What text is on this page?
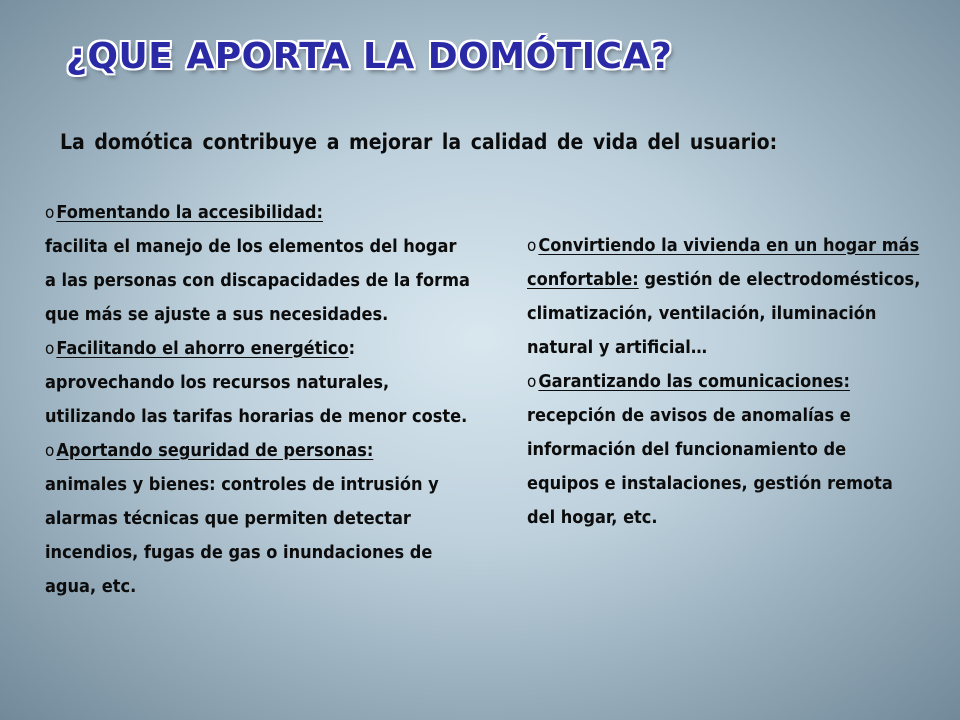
¿QUE APORTA LA DOMÓTICA?

La domótica contribuye a mejorar la calidad de vida del usuario:

o Fomentando la accesibilidad:
facilita el manejo de los elementos del hogar a las personas con discapacidades de la forma que más se ajuste a sus necesidades.

o Facilitando el ahorro energético:
aprovechando los recursos naturales, utilizando las tarifas horarias de menor coste.

o Aportando seguridad de personas:
animales y bienes: controles de intrusión y alarmas técnicas que permiten detectar incendios, fugas de gas o inundaciones de agua, etc.

o Convirtiendo la vivienda en un hogar más confortable: gestión de electrodomésticos, climatización, ventilación, iluminación natural y artificial…

o Garantizando las comunicaciones:
recepción de avisos de anomalías e información del funcionamiento de equipos e instalaciones, gestión remota del hogar, etc.
